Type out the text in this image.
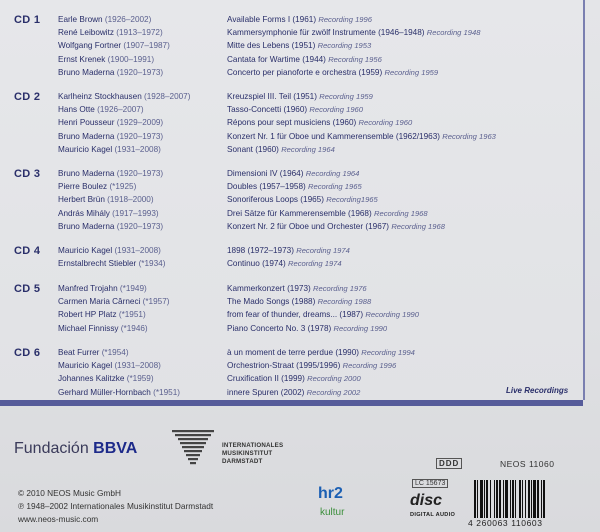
CD 1 Earle Brown (1926–2002)	Available Forms I (1961) Recording 1996
René Leibowitz (1913–1972)	Kammersymphonie für zwölf Instrumente (1946–1948) Recording 1948
Wolfgang Fortner (1907–1987)	Mitte des Lebens (1951) Recording 1953
Ernst Krenek (1900–1991)	Cantata for Wartime (1944) Recording 1956
Bruno Maderna (1920–1973)	Concerto per pianoforte e orchestra (1959) Recording 1959
CD 2 Karlheinz Stockhausen (1928–2007)	Kreuzspiel III. Teil (1951) Recording 1959
Hans Otte (1926–2007)	Tasso-Concetti (1960) Recording 1960
Henri Pousseur (1929–2009)	Répons pour sept musiciens (1960) Recording 1960
Bruno Maderna (1920–1973)	Konzert Nr. 1 für Oboe und Kammerensemble (1962/1963) Recording 1963
Mauricio Kagel (1931–2008)	Sonant (1960) Recording 1964
CD 3 Bruno Maderna (1920–1973)	Dimensioni IV (1964) Recording 1964
Pierre Boulez (*1925)	Doubles (1957–1958) Recording 1965
Herbert Brün (1918–2000)	Sonoriferous Loops (1965) Recording1965
András Mihály (1917–1993)	Drei Sätze für Kammerensemble (1968) Recording 1968
Bruno Maderna (1920–1973)	Konzert Nr. 2 für Oboe und Orchester (1967) Recording 1968
CD 4 Mauricio Kagel (1931–2008)	1898 (1972–1973) Recording 1974
Ernstalbrecht Stiebler (*1934)	Continuo (1974) Recording 1974
CD 5 Manfred Trojahn (*1949)	Kammerkonzert (1973) Recording 1976
Carmen Maria Cârneci (*1957)	The Mado Songs (1988) Recording 1988
Robert HP Platz (*1951)	from fear of thunder, dreams... (1987) Recording 1990
Michael Finnissy (*1946)	Piano Concerto No. 3 (1978) Recording 1990
CD 6 Beat Furrer (*1954)	à un moment de terre perdue (1990) Recording 1994
Mauricio Kagel (1931–2008)	Orchestrion-Straat (1995/1996) Recording 1996
Johannes Kalitzke (*1959)	Cruxification II (1999) Recording 2000
Gerhard Müller-Hornbach (*1951)	innere Spuren (2002) Recording 2002	Live Recordings
Fundación BBVA	INTERNATIONALES
MUSIKINSTITUT
DARMSTADT	DDD	NEOS 11060
© 2010 NEOS Music GmbH
℗ 1948–2002 Internationales Musikinstitut Darmstadt
www.neos-music.com
hr2
kultur
LC 15673
disc
DIGITAL AUDIO
4 260063 110603
